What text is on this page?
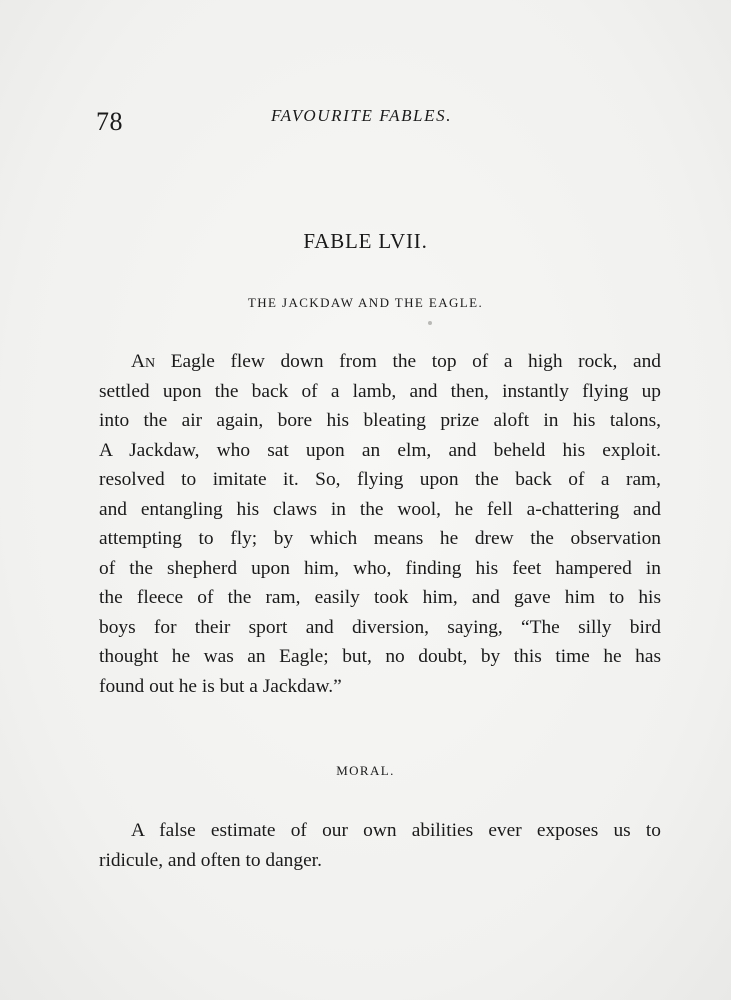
78	FAVOURITE FABLES.
FABLE LVII.
THE JACKDAW AND THE EAGLE.
An Eagle flew down from the top of a high rock, and
settled upon the back of a lamb, and then, instantly flying up
into the air again, bore his bleating prize aloft in his talons,
A Jackdaw, who sat upon an elm, and beheld his exploit.
resolved to imitate it. So, flying upon the back of a ram,
and entangling his claws in the wool, he fell a-chattering and
attempting to fly; by which means he drew the observation
of the shepherd upon him, who, finding his feet hampered in
the fleece of the ram, easily took him, and gave him to his
boys for their sport and diversion, saying, “The silly bird
thought he was an Eagle; but, no doubt, by this time he has
found out he is but a Jackdaw.”
MORAL.
A false estimate of our own abilities ever exposes us to
ridicule, and often to danger.
